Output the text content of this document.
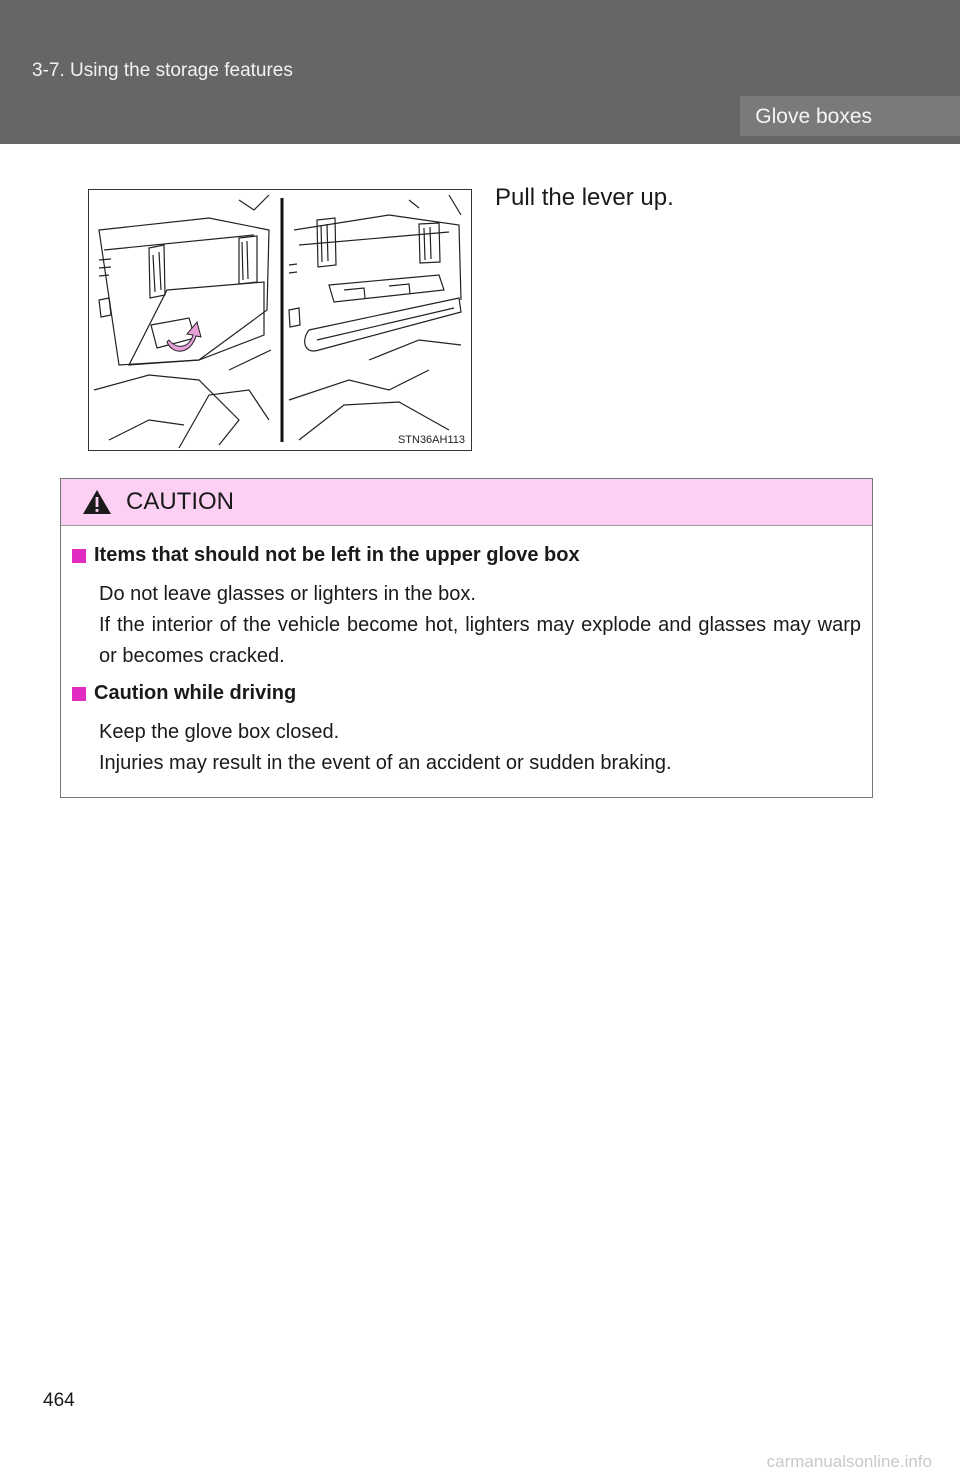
3-7. Using the storage features
Glove boxes
STN36AH113
Pull the lever up.
CAUTION
Items that should not be left in the upper glove box
Do not leave glasses or lighters in the box.
If the interior of the vehicle become hot, lighters may explode and glasses may warp or becomes cracked.
Caution while driving
Keep the glove box closed.
Injuries may result in the event of an accident or sudden braking.
464
carmanualsonline.info
